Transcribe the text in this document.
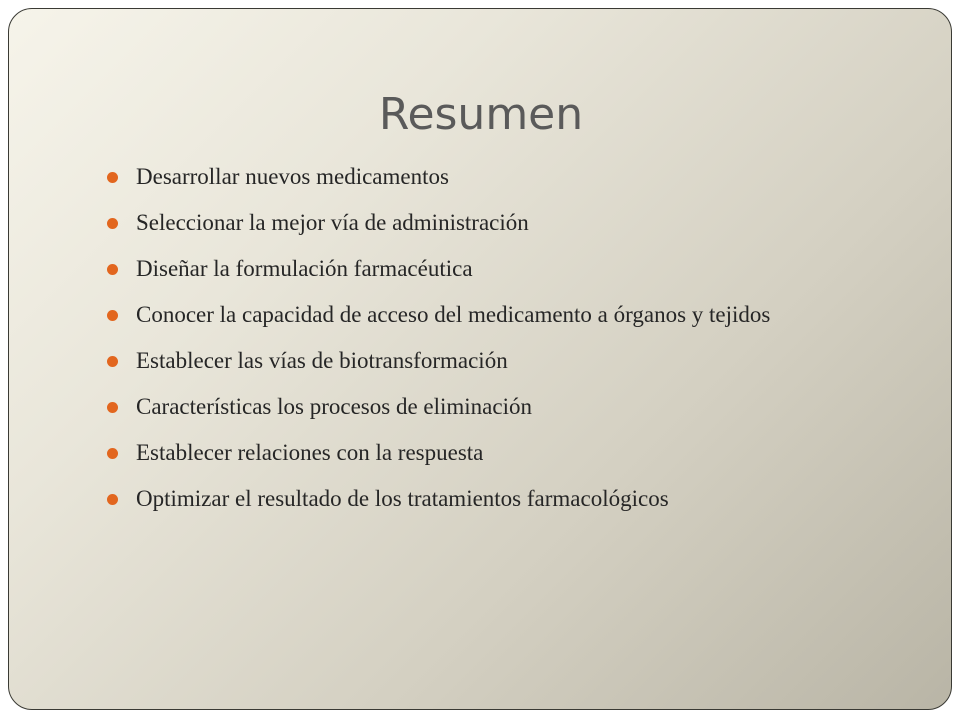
Resumen
Desarrollar nuevos medicamentos
Seleccionar la mejor vía de administración
Diseñar la formulación farmacéutica
Conocer la capacidad de acceso del medicamento a órganos y tejidos
Establecer las vías de biotransformación
Características los procesos de eliminación
Establecer relaciones con la respuesta
Optimizar el resultado de los tratamientos farmacológicos
